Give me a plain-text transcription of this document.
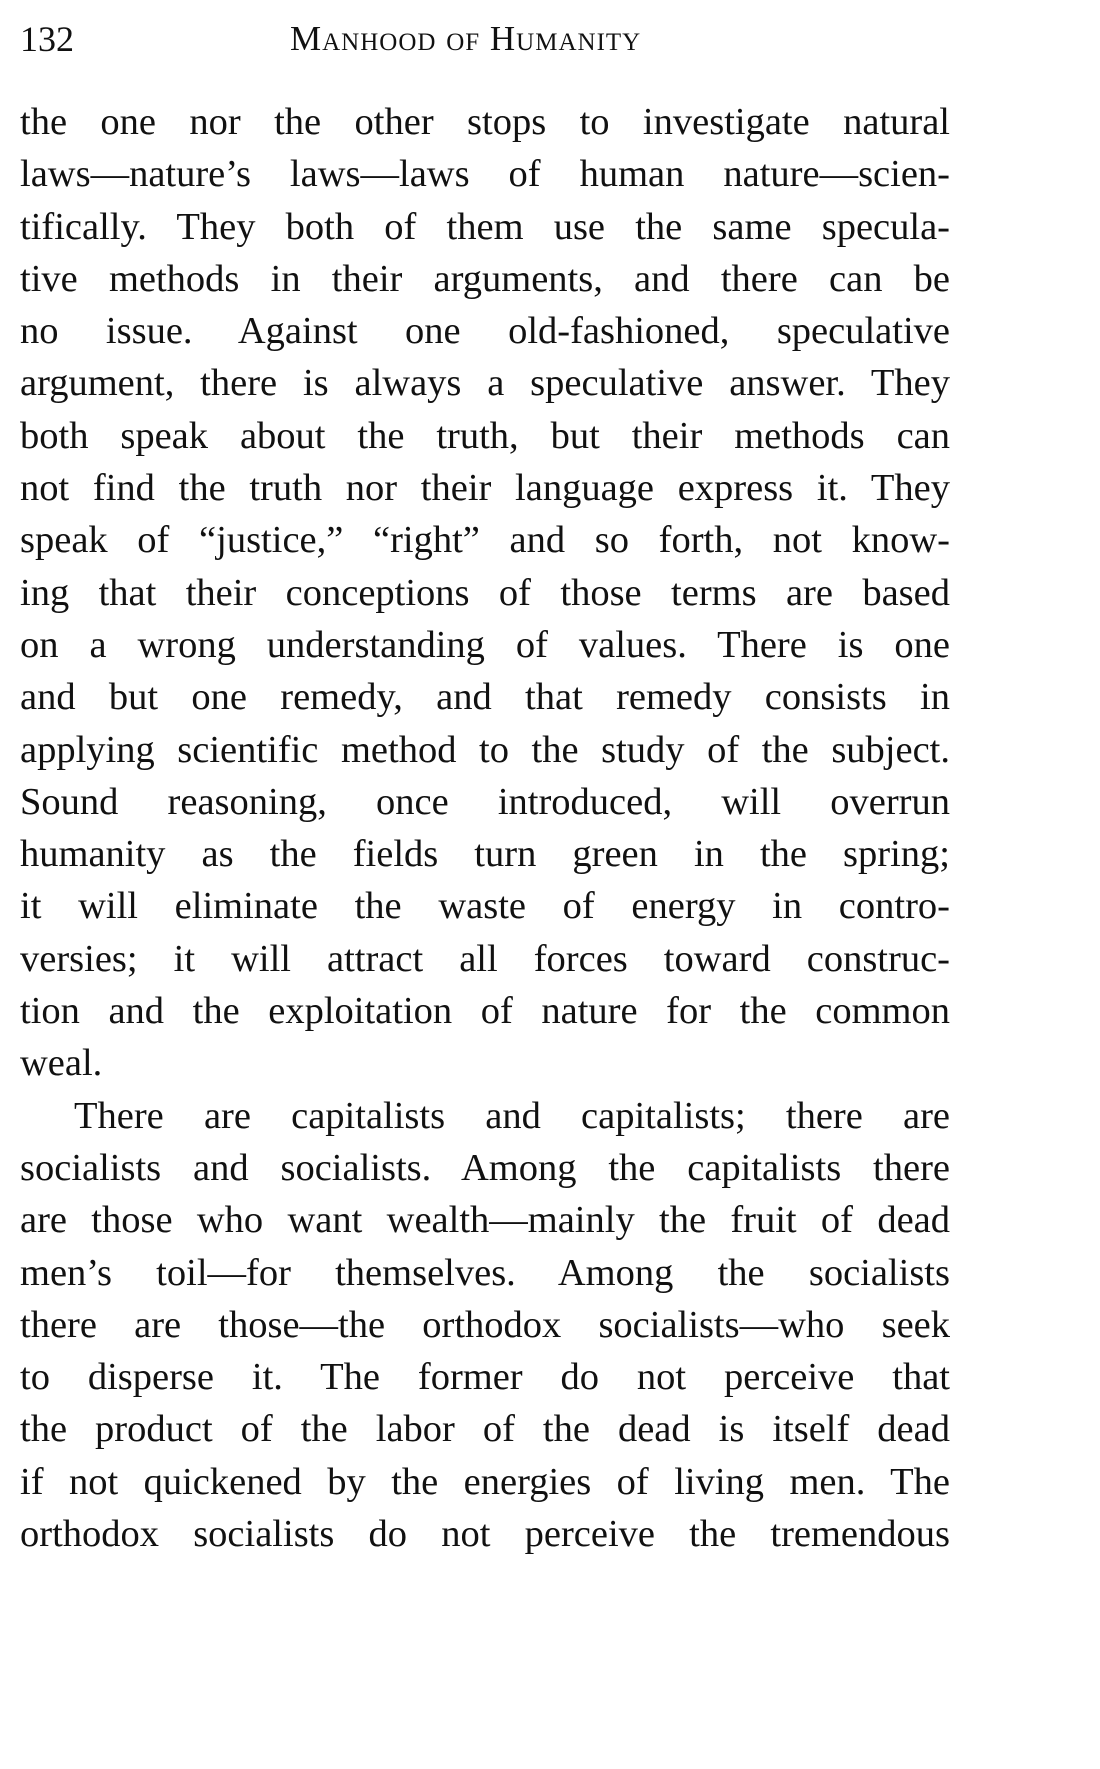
132	Manhood of Humanity
the one nor the other stops to investigate natural
laws—nature’s laws—laws of human nature—scien-
tifically. They both of them use the same specula-
tive methods in their arguments, and there can be
no issue. Against one old-fashioned, speculative
argument, there is always a speculative answer. They
both speak about the truth, but their methods can
not find the truth nor their language express it. They
speak of “justice,” “right” and so forth, not know-
ing that their conceptions of those terms are based
on a wrong understanding of values. There is one
and but one remedy, and that remedy consists in
applying scientific method to the study of the subject.
Sound reasoning, once introduced, will overrun
humanity as the fields turn green in the spring;
it will eliminate the waste of energy in contro-
versies; it will attract all forces toward construc-
tion and the exploitation of nature for the common
weal.
There are capitalists and capitalists; there are
socialists and socialists. Among the capitalists there
are those who want wealth—mainly the fruit of dead
men’s toil—for themselves. Among the socialists
there are those—the orthodox socialists—who seek
to disperse it. The former do not perceive that
the product of the labor of the dead is itself dead
if not quickened by the energies of living men. The
orthodox socialists do not perceive the tremendous
